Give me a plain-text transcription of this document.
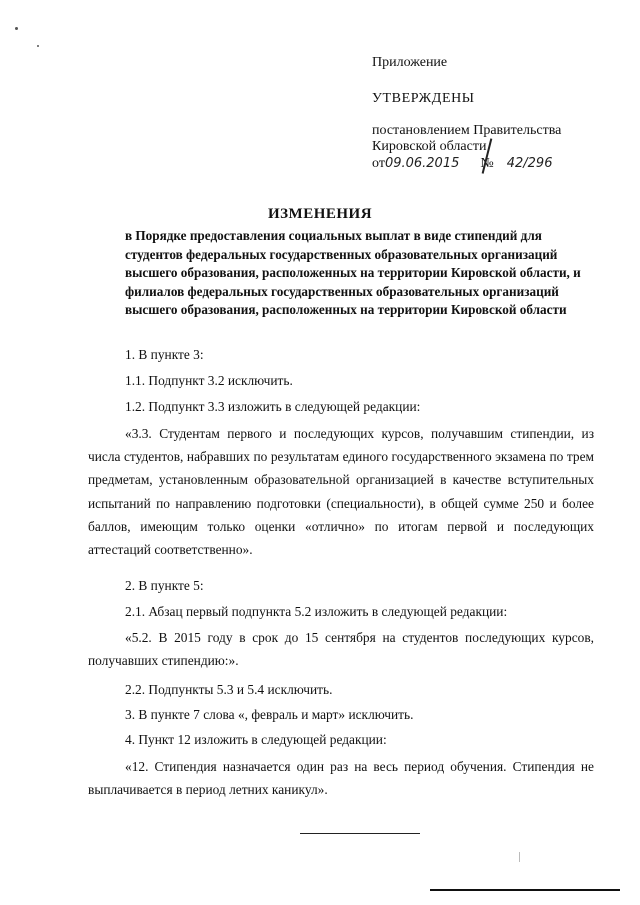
Приложение
УТВЕРЖДЕНЫ
постановлением Правительства
Кировской области
от09.06.2015 № 42/296
ИЗМЕНЕНИЯ
в Порядке предоставления социальных выплат в виде стипендий для студентов федеральных государственных образовательных организаций высшего образования, расположенных на территории Кировской области, и филиалов федеральных государственных образовательных организаций высшего образования, расположенных на территории Кировской области
1. В пункте 3:
1.1. Подпункт 3.2 исключить.
1.2. Подпункт 3.3 изложить в следующей редакции:
«3.3. Студентам первого и последующих курсов, получавшим стипендии, из числа студентов, набравших по результатам единого государственного экзамена по трем предметам, установленным образовательной организацией в качестве вступительных испытаний по направлению подготовки (специальности), в общей сумме 250 и более баллов, имеющим только оценки «отлично» по итогам первой и последующих аттестаций соответственно».
2. В пункте 5:
2.1. Абзац первый подпункта 5.2 изложить в следующей редакции:
«5.2. В 2015 году в срок до 15 сентября на студентов последующих курсов, получавших стипендию:».
2.2. Подпункты 5.3 и 5.4 исключить.
3. В пункте 7 слова «, февраль и март» исключить.
4. Пункт 12 изложить в следующей редакции:
«12. Стипендия назначается один раз на весь период обучения. Стипендия не выплачивается в период летних каникул».
